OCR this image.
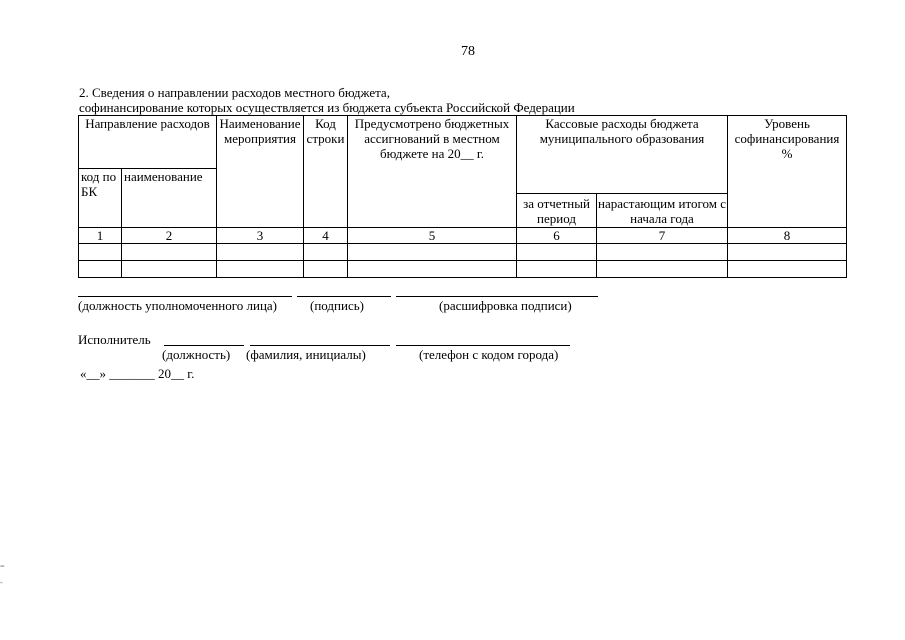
78
2. Сведения о направлении расходов местного бюджета,
софинансирование которых осуществляется из бюджета субъекта Российской Федерации
Направление расходов		Наименование мероприятия	Код строки	Предусмотрено бюджетных ассигнований в местном бюджете на 20__ г.	Кассовые расходы бюджета муниципального образования		Уровень софинансирования %
код по БК	наименование						
					за отчетный период	нарастающим итогом с начала года	
1	2	3	4	5	6	7	8

(должность уполномоченного лица)	(подпись)	(расшифровка подписи)
Исполнитель
(должность) (фамилия, инициалы)	(телефон с кодом города)
«__» _______ 20__ г.
=
-
